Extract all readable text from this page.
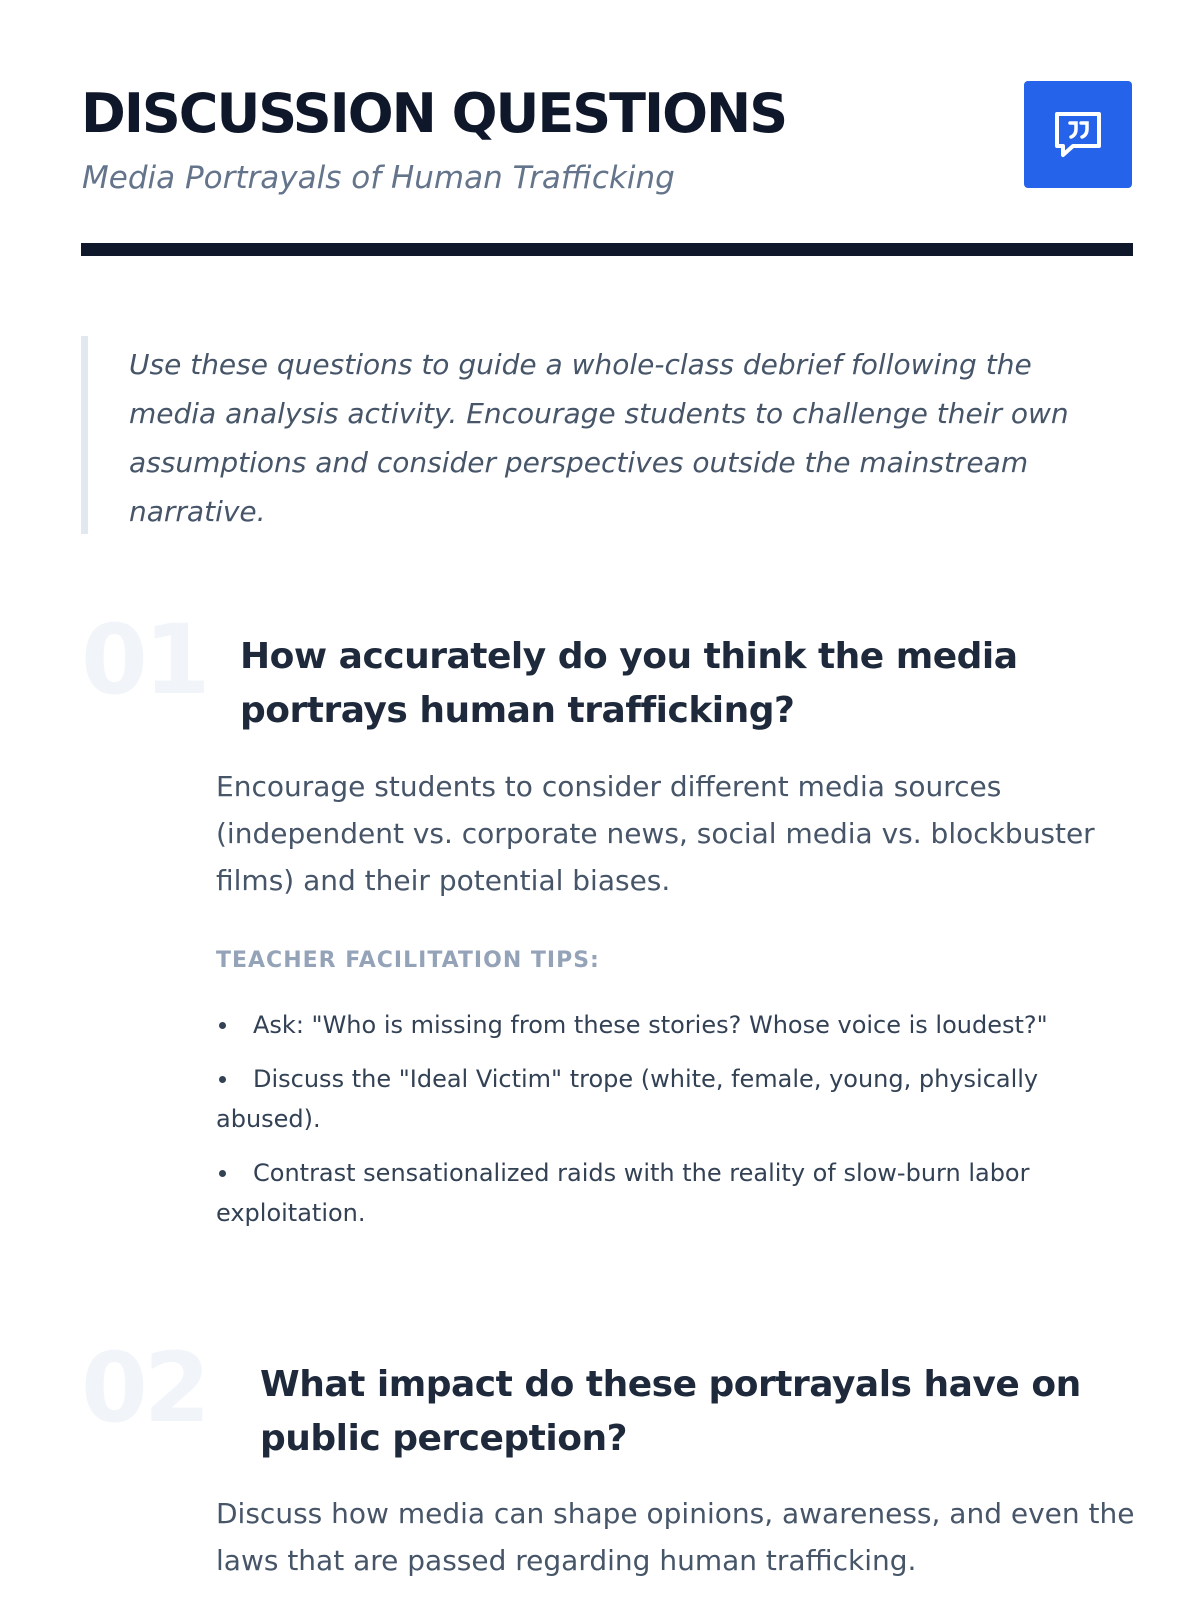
DISCUSSION QUESTIONS
Media Portrayals of Human Trafficking

Use these questions to guide a whole-class debrief following the media analysis activity. Encourage students to challenge their own assumptions and consider perspectives outside the mainstream narrative.

01 How accurately do you think the media portrays human trafficking?

Encourage students to consider different media sources (independent vs. corporate news, social media vs. blockbuster films) and their potential biases.

TEACHER FACILITATION TIPS:
Ask: "Who is missing from these stories? Whose voice is loudest?"
Discuss the "Ideal Victim" trope (white, female, young, physically abused).
Contrast sensationalized raids with the reality of slow-burn labor exploitation.
02 What impact do these portrayals have on public perception?

Discuss how media can shape opinions, awareness, and even the laws that are passed regarding human trafficking.
